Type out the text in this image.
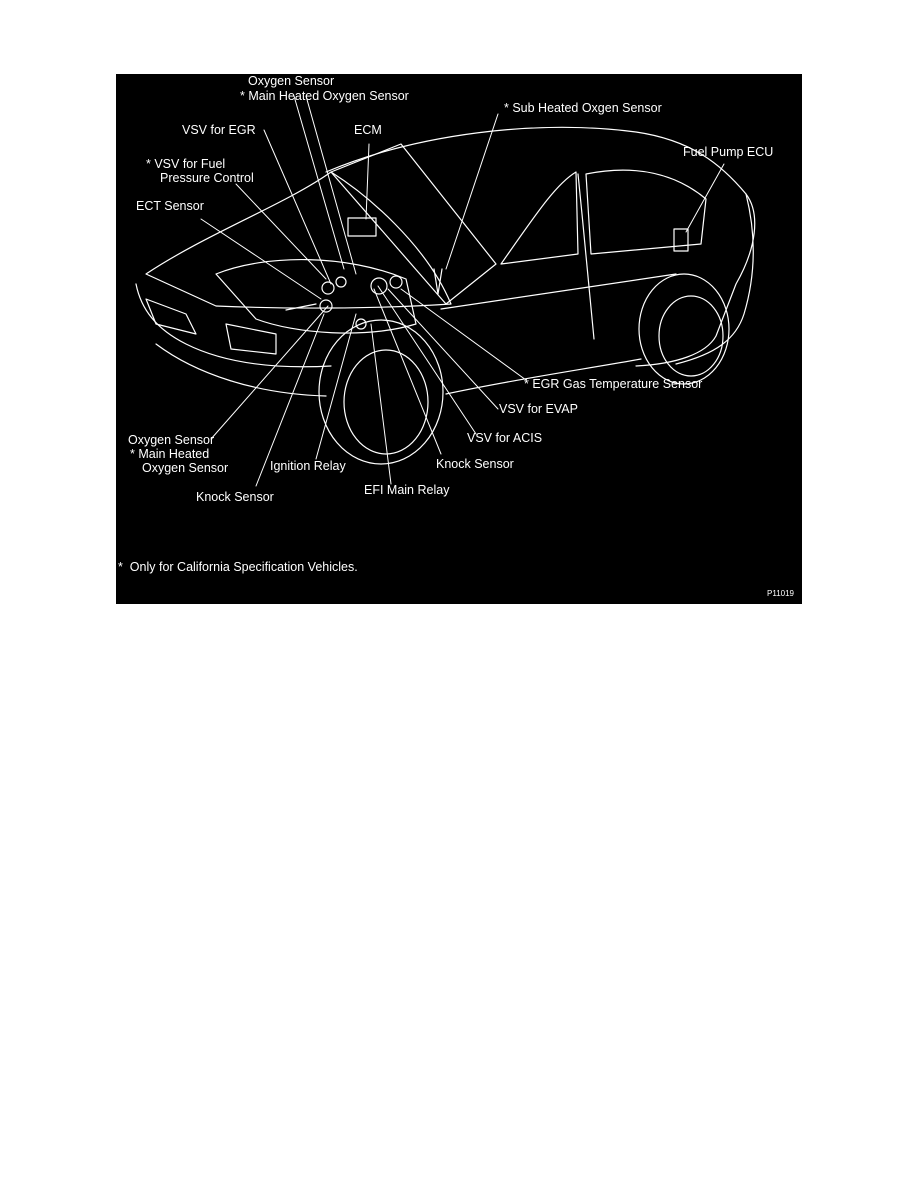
Oxygen Sensor
* Main Heated Oxygen Sensor
* Sub Heated Oxgen Sensor
VSV for EGR	ECM
* VSV for Fuel
Pressure Control
Fuel Pump ECU
ECT Sensor
* EGR Gas Temperature Sensor
VSV for EVAP
VSV for ACIS
Oxygen Sensor
* Main Heated
Oxygen Sensor	Knock Sensor
Ignition Relay
EFI Main Relay
Knock Sensor
*  Only for California Specification Vehicles.
P11019
